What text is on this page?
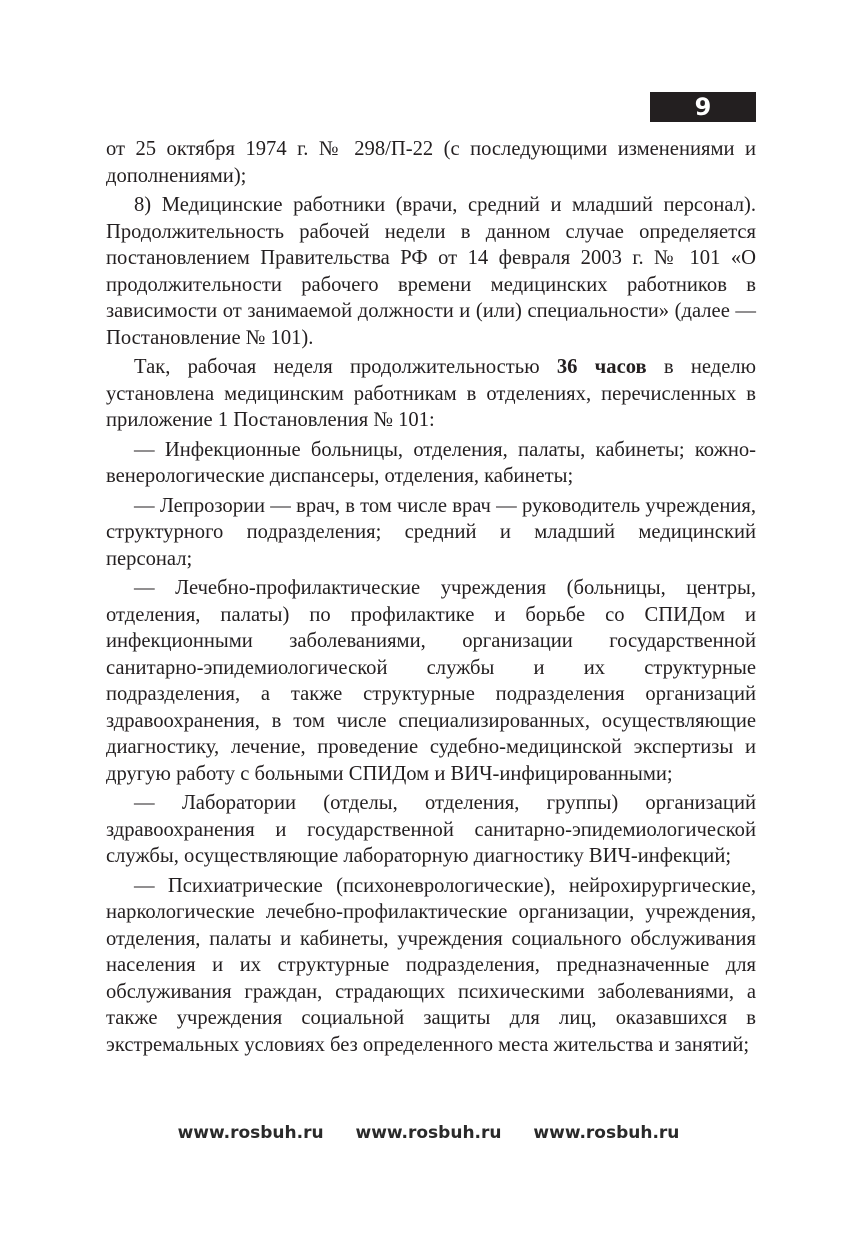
9

от 25 октября 1974 г. № 298/П-22 (с последующими изменениями и дополнениями);

8) Медицинские работники (врачи, средний и младший персонал). Продолжительность рабочей недели в данном случае определяется постановлением Правительства РФ от 14 февраля 2003 г. № 101 «О продолжительности рабочего времени медицинских работников в зависимости от занимаемой должности и (или) специальности» (далее — Постановление № 101).

Так, рабочая неделя продолжительностью 36 часов в неделю установлена медицинским работникам в отделениях, перечисленных в приложение 1 Постановления № 101:

— Инфекционные больницы, отделения, палаты, кабинеты; кожно-венерологические диспансеры, отделения, кабинеты;

— Лепрозории — врач, в том числе врач — руководитель учреждения, структурного подразделения; средний и младший медицинский персонал;

— Лечебно-профилактические учреждения (больницы, центры, отделения, палаты) по профилактике и борьбе со СПИДом и инфекционными заболеваниями, организации государственной санитарно-эпидемиологической службы и их структурные подразделения, а также структурные подразделения организаций здравоохранения, в том числе специализированных, осуществляющие диагностику, лечение, проведение судебно-медицинской экспертизы и другую работу с больными СПИДом и ВИЧ-инфицированными;

— Лаборатории (отделы, отделения, группы) организаций здравоохранения и государственной санитарно-эпидемиологической службы, осуществляющие лабораторную диагностику ВИЧ-инфекций;

— Психиатрические (психоневрологические), нейрохирургические, наркологические лечебно-профилактические организации, учреждения, отделения, палаты и кабинеты, учреждения социального обслуживания населения и их структурные подразделения, предназначенные для обслуживания граждан, страдающих психическими заболеваниями, а также учреждения социальной защиты для лиц, оказавшихся в экстремальных условиях без определенного места жительства и занятий;

www.rosbuh.ru www.rosbuh.ru www.rosbuh.ru
